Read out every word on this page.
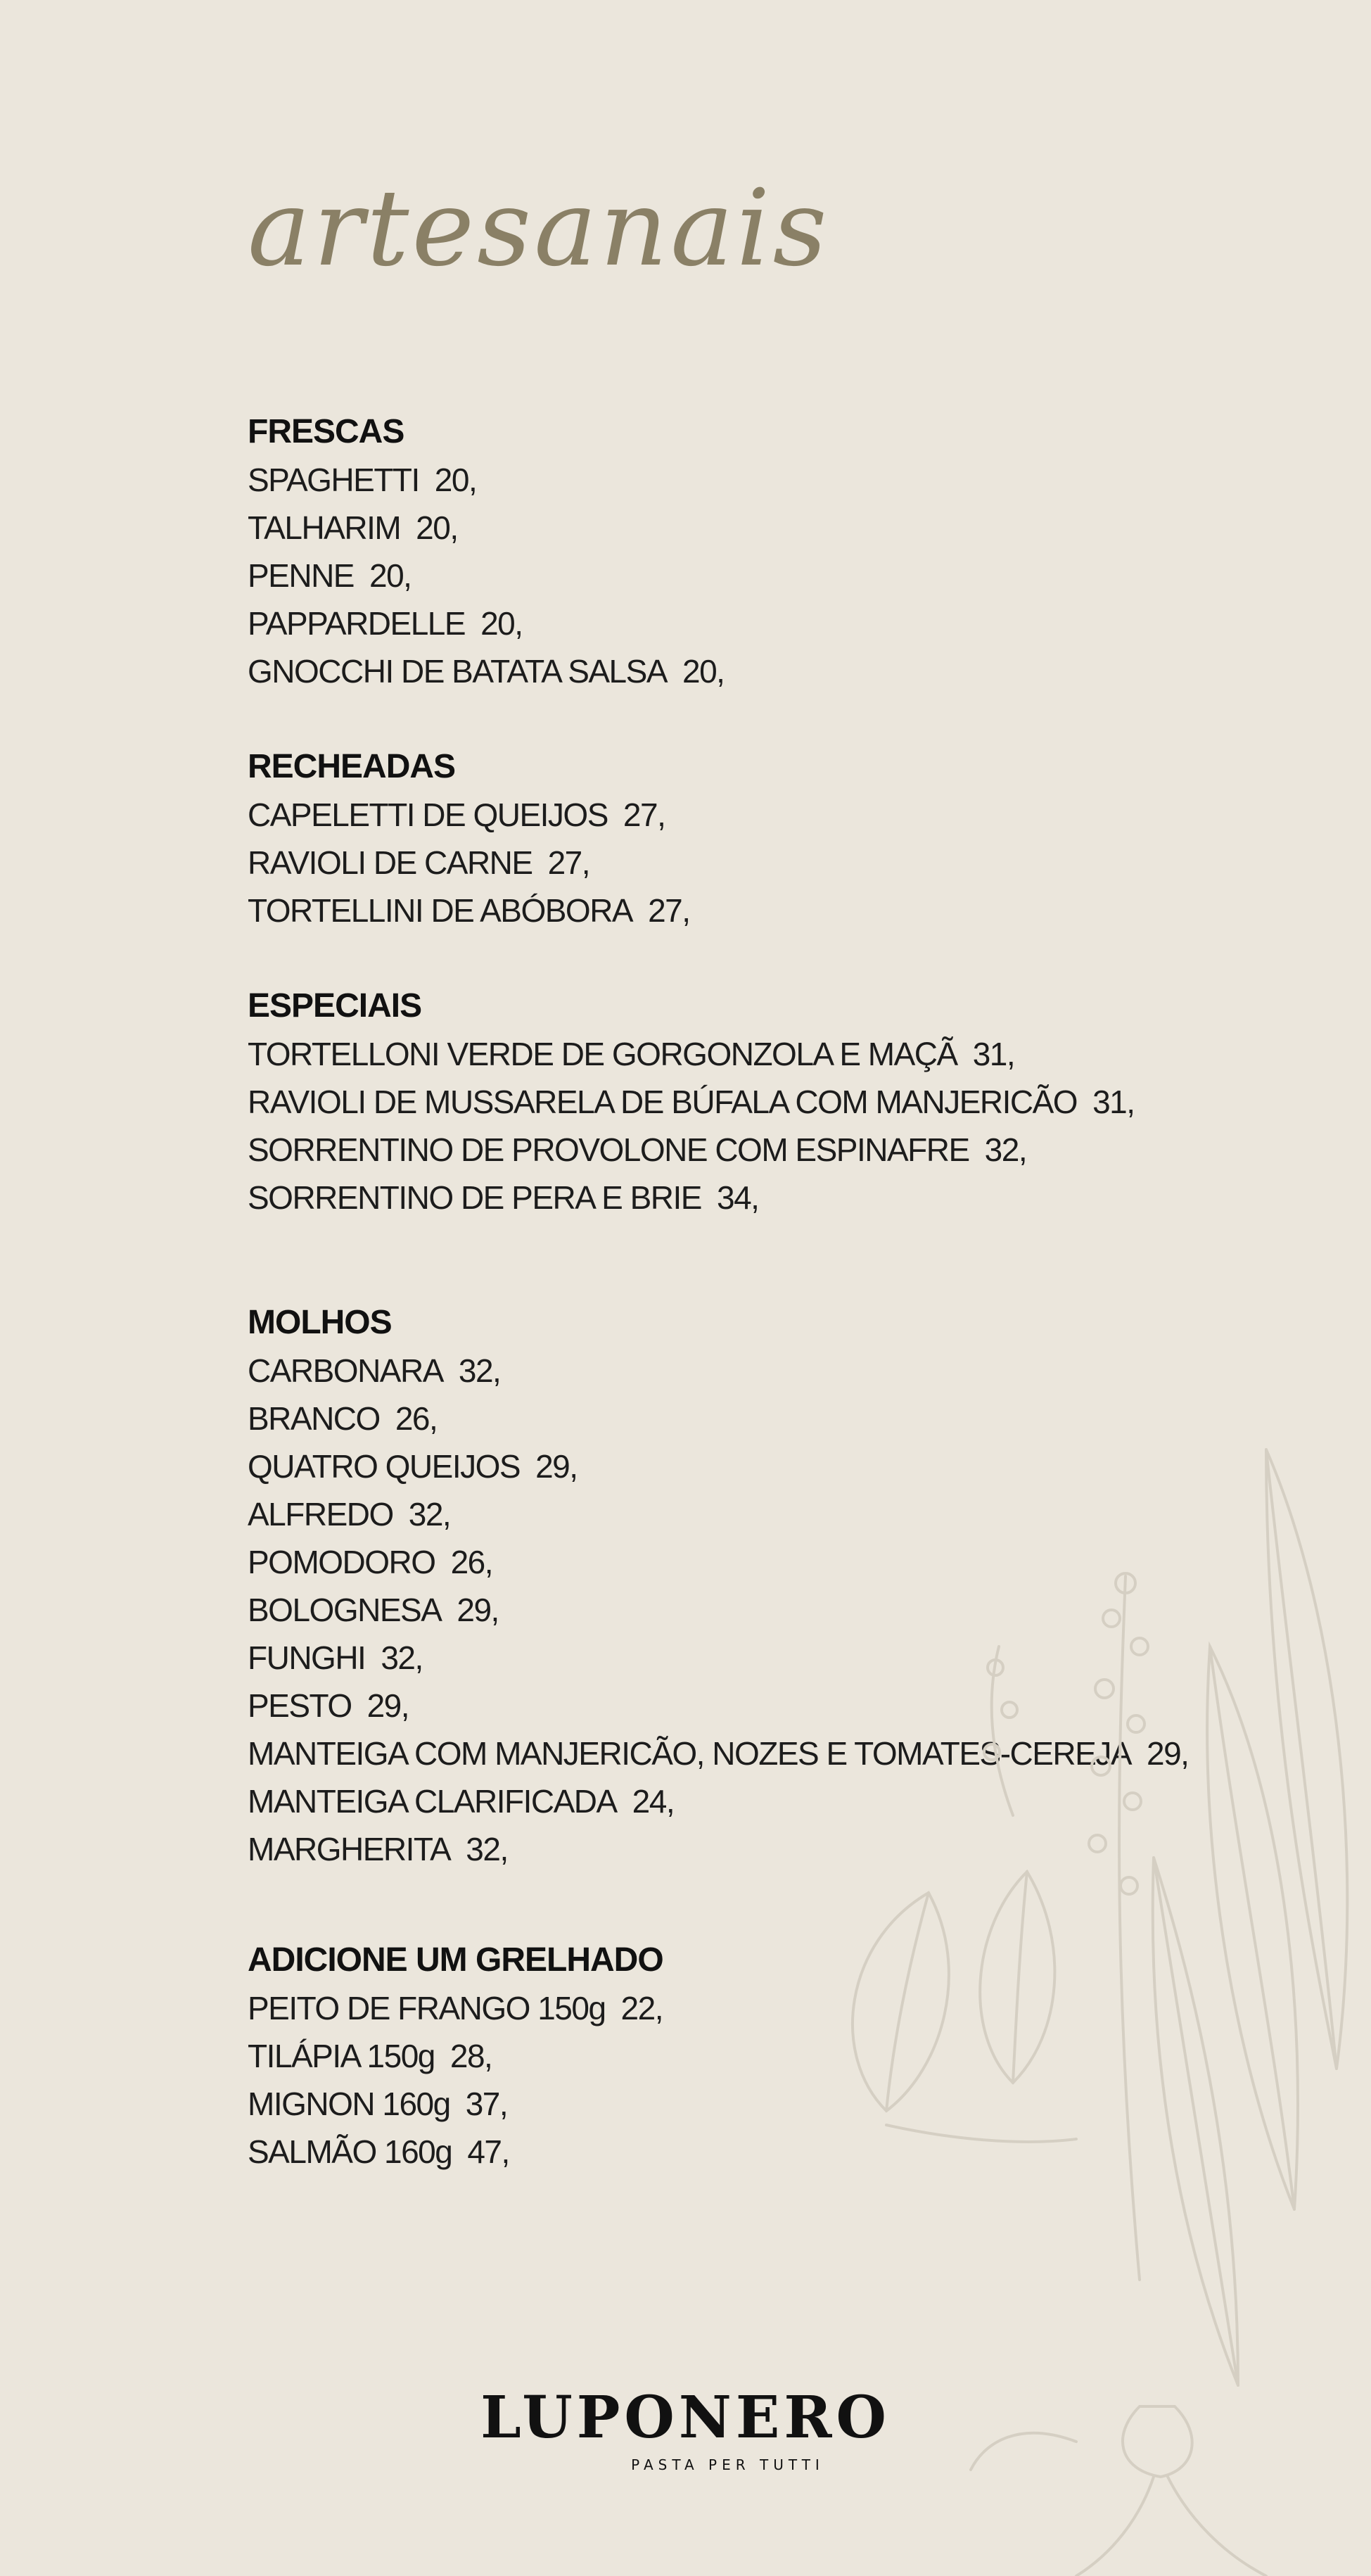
artesanais
FRESCAS
SPAGHETTI 20,
TALHARIM 20,
PENNE 20,
PAPPARDELLE 20,
GNOCCHI DE BATATA SALSA 20,
RECHEADAS
CAPELETTI DE QUEIJOS 27,
RAVIOLI DE CARNE 27,
TORTELLINI DE ABÓBORA 27,
ESPECIAIS
TORTELLONI VERDE DE GORGONZOLA E MAÇÃ 31,
RAVIOLI DE MUSSARELA DE BÚFALA COM MANJERICÃO 31,
SORRENTINO DE PROVOLONE COM ESPINAFRE 32,
SORRENTINO DE PERA E BRIE 34,
MOLHOS
CARBONARA 32,
BRANCO 26,
QUATRO QUEIJOS 29,
ALFREDO 32,
POMODORO 26,
BOLOGNESA 29,
FUNGHI 32,
PESTO 29,
MANTEIGA COM MANJERICÃO, NOZES E TOMATES-CEREJA 29,
MANTEIGA CLARIFICADA 24,
MARGHERITA 32,
ADICIONE UM GRELHADO
PEITO DE FRANGO 150g 22,
TILÁPIA 150g 28,
MIGNON 160g 37,
SALMÃO 160g 47,
LUPONERO
PASTA PER TUTTI
